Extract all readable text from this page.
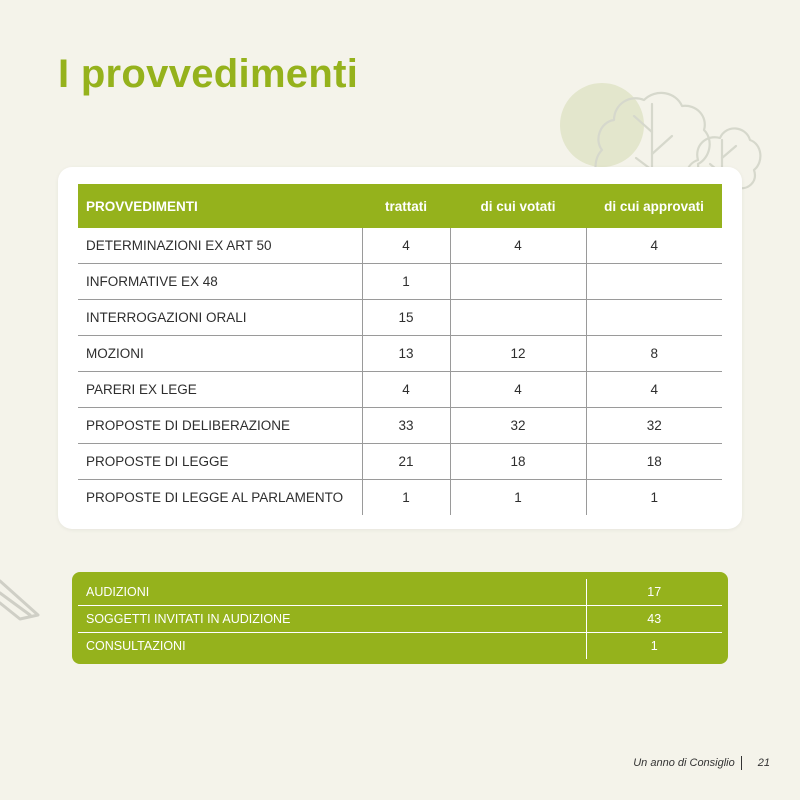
I provvedimenti
PROVVEDIMENTI	trattati	di cui votati	di cui approvati
DETERMINAZIONI EX ART 50	4	4	4
INFORMATIVE EX 48	1		
INTERROGAZIONI ORALI	15		
MOZIONI	13	12	8
PARERI EX LEGE	4	4	4
PROPOSTE DI DELIBERAZIONE	33	32	32
PROPOSTE DI LEGGE	21	18	18
PROPOSTE DI LEGGE AL PARLAMENTO	1	1	1
AUDIZIONI	17
SOGGETTI INVITATI IN AUDIZIONE	43
CONSULTAZIONI	1
Un anno di Consiglio 21
